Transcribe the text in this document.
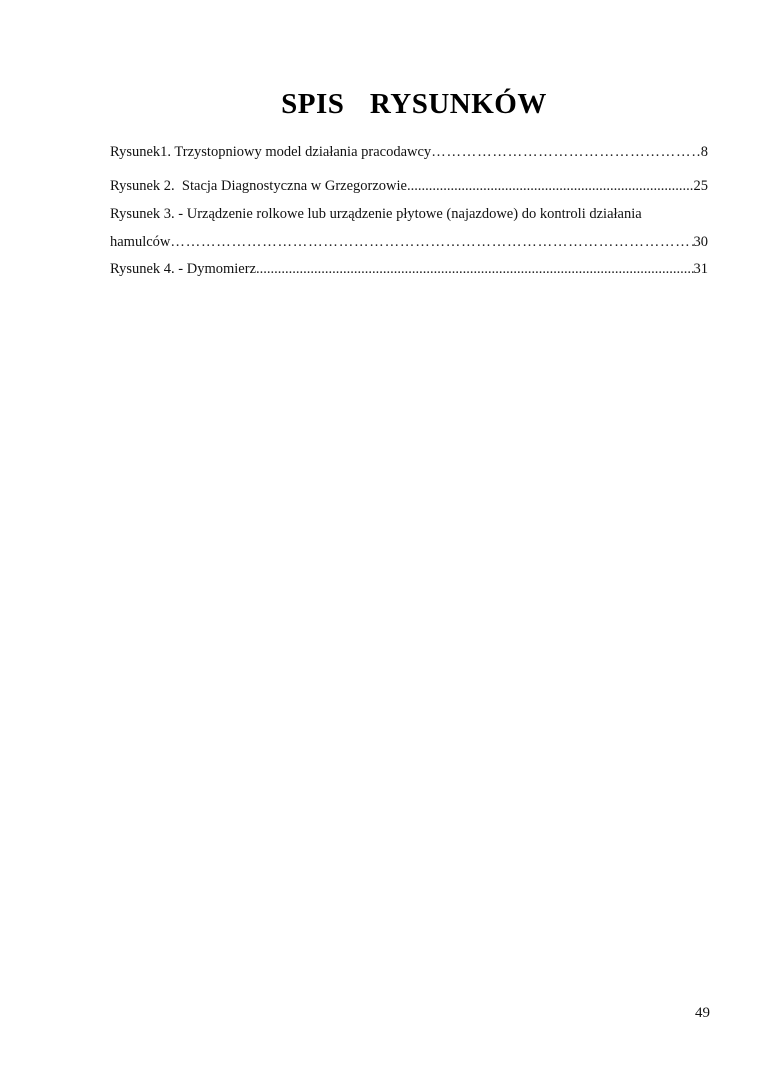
SPIS  RYSUNKÓW
Rysunek1. Trzystopniowy model działania pracodawcy …………………………………………………………………………………………………………………………………………………………………………………………	8
Rysunek 2.  Stacja Diagnostyczna w Grzegorzowie .....	25
Rysunek 3. - Urządzenie rolkowe lub urządzenie płytowe (najazdowe) do kontroli działania
hamulców …………………………………………………………………………………………………………………………………………………………………………………………	30
Rysunek 4. - Dymomierz .....	31
49
